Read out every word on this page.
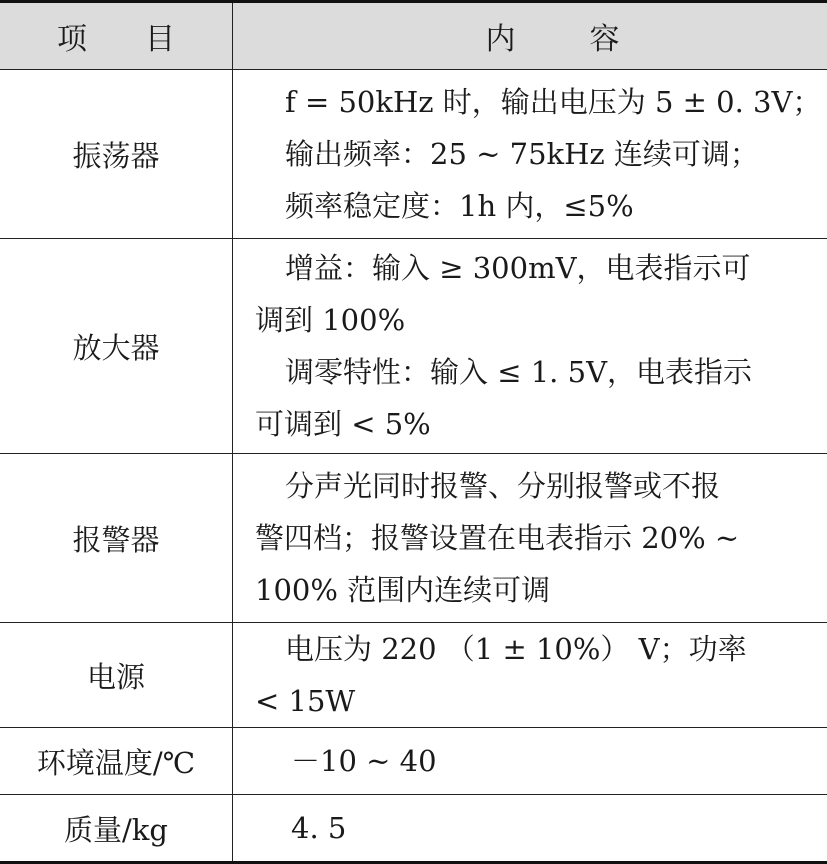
项目	内容
振荡器	f = 50kHz 时，输出电压为 5 ± 0. 3V；
输出频率：25 ~ 75kHz 连续可调；
频率稳定度：1h 内，≤5%

放大器	增益：输入 ≥ 300mV，电表指示可
调到 100%
调零特性：输入 ≤ 1. 5V，电表指示
可调到 < 5%

报警器	分声光同时报警、分别报警或不报
警四档；报警设置在电表指示 20% ~
100% 范围内连续可调

电源	电压为 220 （1 ± 10%） V；功率
< 15W

环境温度/℃	－10 ~ 40

质量/kg	4. 5
